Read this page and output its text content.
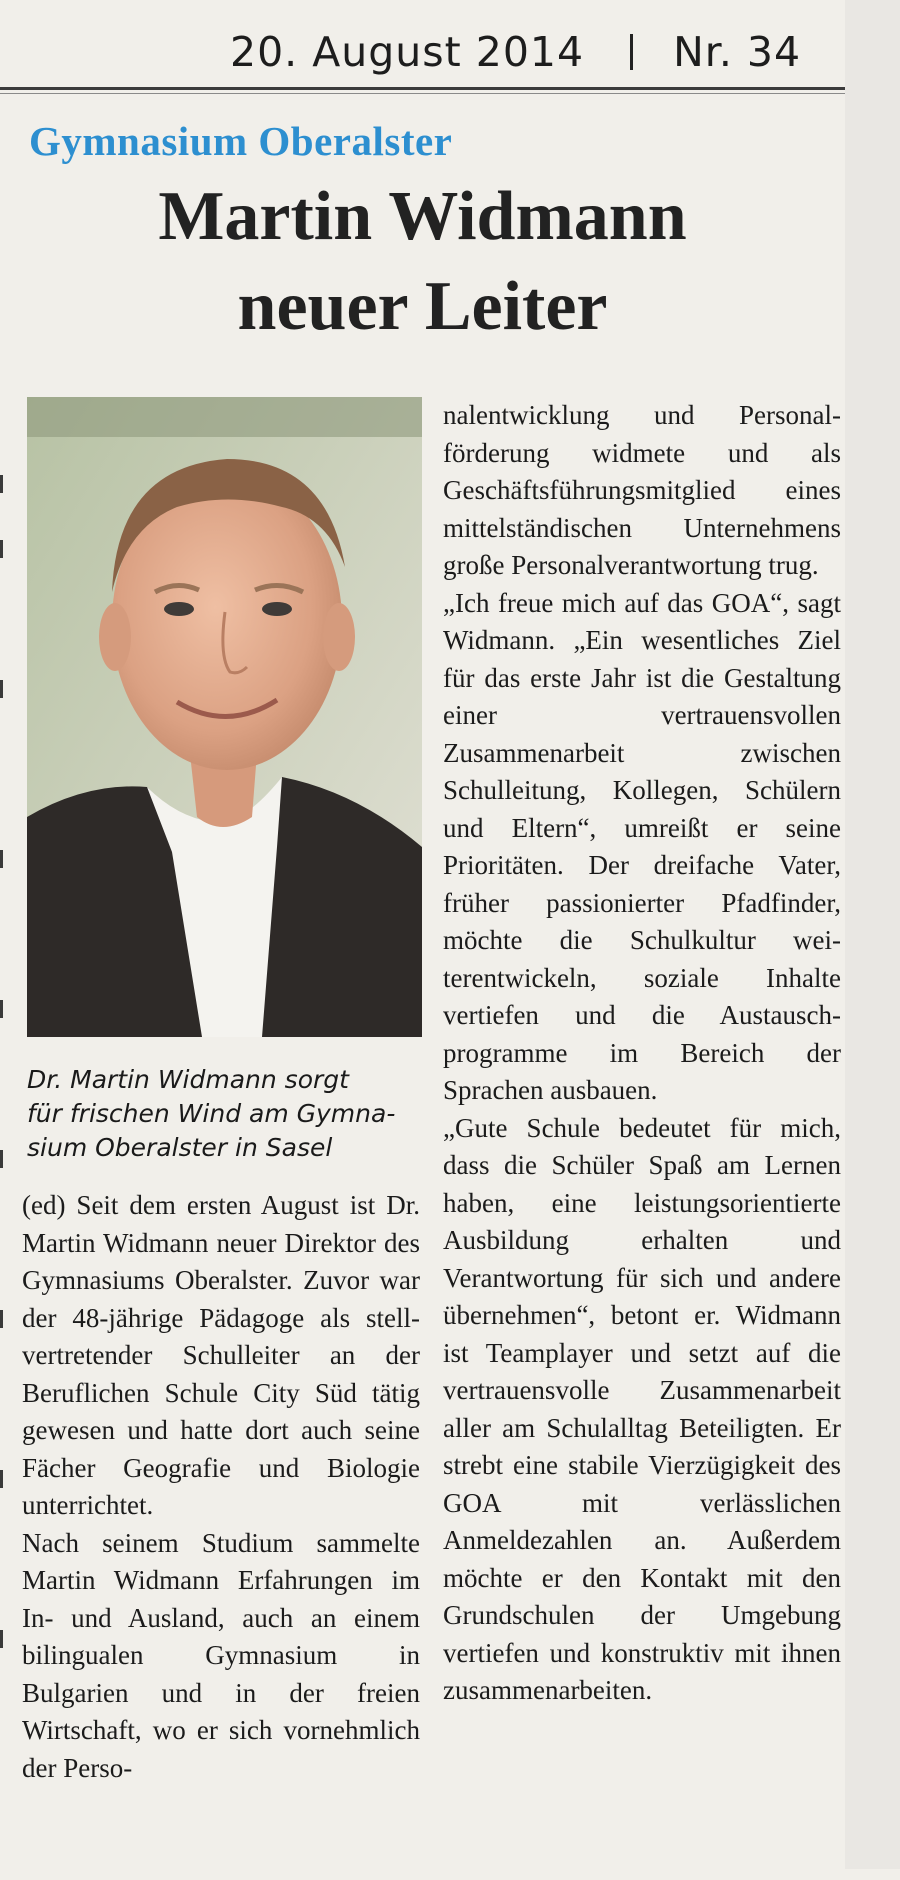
20. August 2014 Nr. 34
Gymnasium Oberalster
Martin Widmann
neuer Leiter
Dr. Martin Widmann sorgt
für frischen Wind am Gymna-
sium Oberalster in Sasel

(ed) Seit dem ersten August ist Dr. Martin Widmann neuer Direktor des Gymnasiums Oberalster. Zuvor war der 48-jährige Pädagoge als stellvertretender Schulleiter an der Beruflichen Schule City Süd tätig gewesen und hatte dort auch seine Fächer Geografie und Biologie unterrichtet.

Nach seinem Studium sammelte Martin Widmann Erfahrungen im In- und Ausland, auch an einem bilingualen Gymnasium in Bulgarien und in der freien Wirtschaft, wo er sich vornehmlich der Perso-

nalentwicklung und Personalförderung widmete und als Geschäftsführungsmitglied eines mittelständischen Unternehmens große Personalverantwortung trug.

„Ich freue mich auf das GOA“, sagt Widmann. „Ein wesentliches Ziel für das erste Jahr ist die Gestaltung einer vertrauensvollen Zusammenarbeit zwischen Schulleitung, Kollegen, Schülern und Eltern“, umreißt er seine Prioritäten. Der dreifache Vater, früher passionierter Pfadfinder, möchte die Schulkultur weiterentwickeln, soziale Inhalte vertiefen und die Austauschprogramme im Bereich der Sprachen ausbauen.

„Gute Schule bedeutet für mich, dass die Schüler Spaß am Lernen haben, eine leistungsorientierte Ausbildung erhalten und Verantwortung für sich und andere übernehmen“, betont er. Widmann ist Teamplayer und setzt auf die vertrauensvolle Zusammenarbeit aller am Schulalltag Beteiligten. Er strebt eine stabile Vierzügigkeit des GOA mit verlässlichen Anmeldezahlen an. Außerdem möchte er den Kontakt mit den Grundschulen der Umgebung vertiefen und konstruktiv mit ihnen zusammenarbeiten.
